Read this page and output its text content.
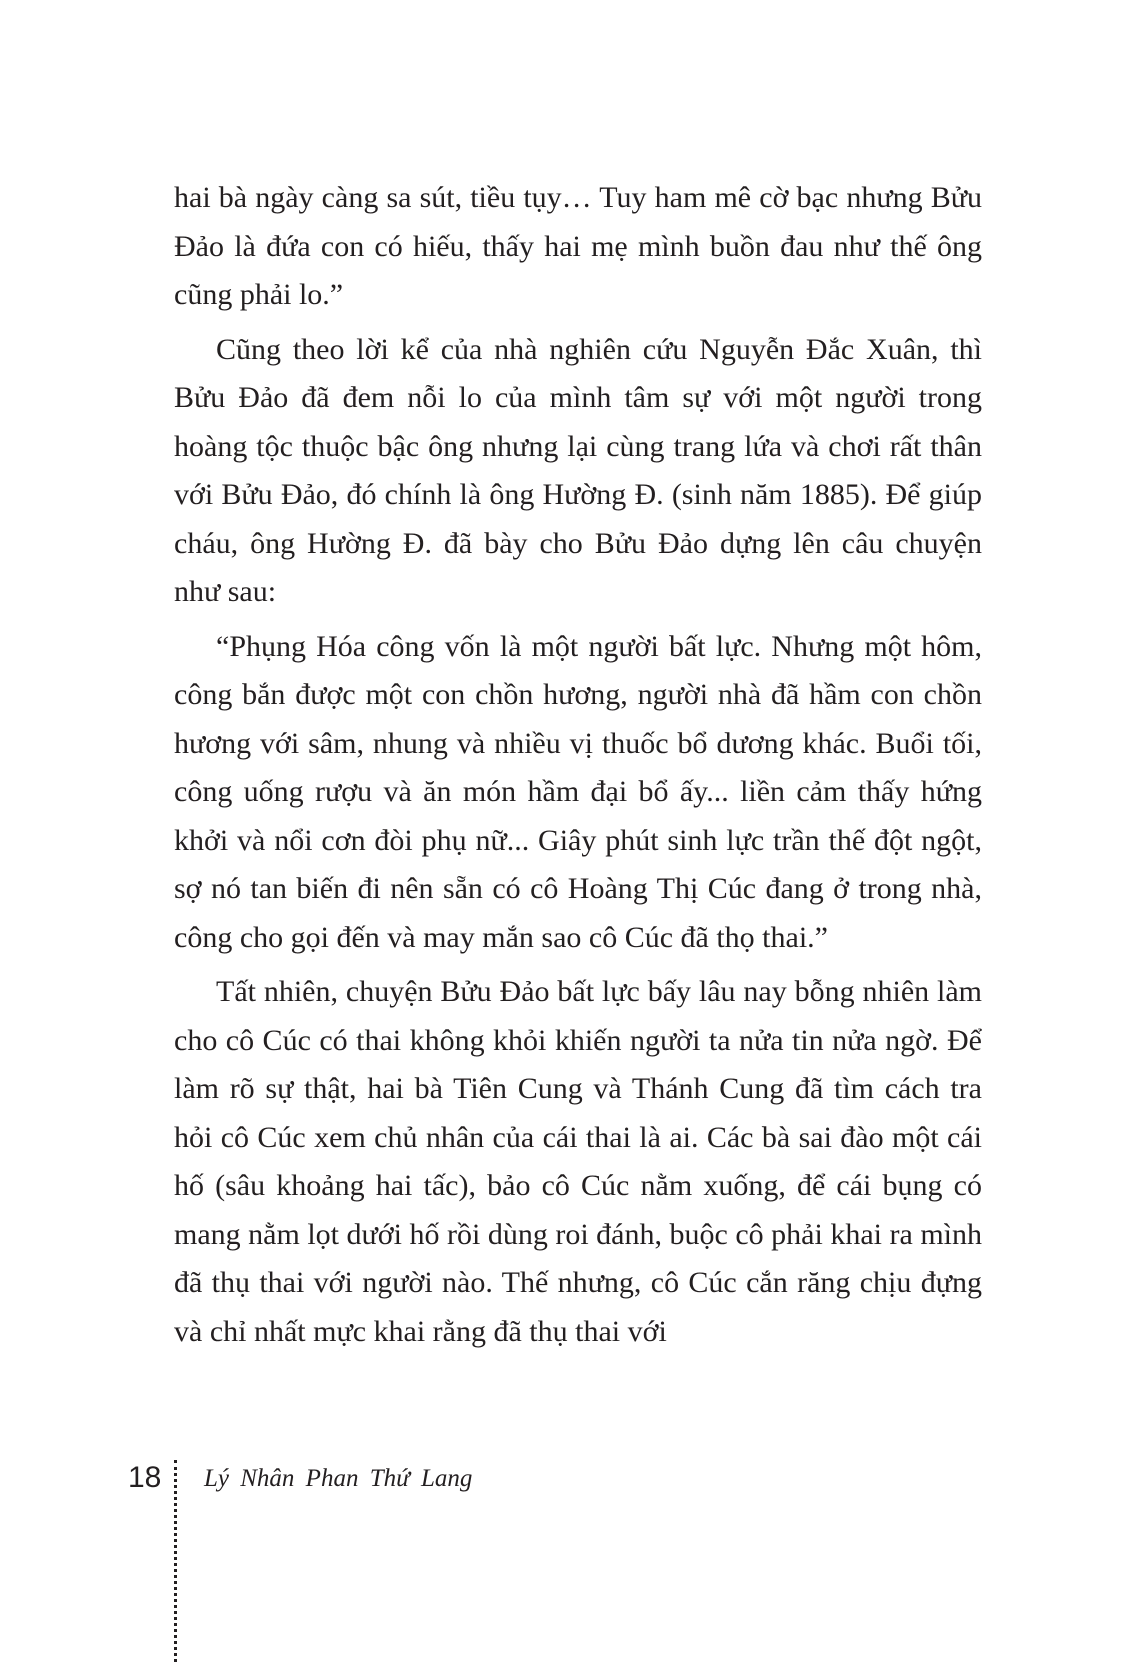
hai bà ngày càng sa sút, tiều tụy… Tuy ham mê cờ bạc nhưng Bửu Đảo là đứa con có hiếu, thấy hai mẹ mình buồn đau như thế ông cũng phải lo.”

Cũng theo lời kể của nhà nghiên cứu Nguyễn Đắc Xuân, thì Bửu Đảo đã đem nỗi lo của mình tâm sự với một người trong hoàng tộc thuộc bậc ông nhưng lại cùng trang lứa và chơi rất thân với Bửu Đảo, đó chính là ông Hường Đ. (sinh năm 1885). Để giúp cháu, ông Hường Đ. đã bày cho Bửu Đảo dựng lên câu chuyện như sau:

“Phụng Hóa công vốn là một người bất lực. Nhưng một hôm, công bắn được một con chồn hương, người nhà đã hầm con chồn hương với sâm, nhung và nhiều vị thuốc bổ dương khác. Buổi tối, công uống rượu và ăn món hầm đại bổ ấy... liền cảm thấy hứng khởi và nổi cơn đòi phụ nữ... Giây phút sinh lực trần thế đột ngột, sợ nó tan biến đi nên sẵn có cô Hoàng Thị Cúc đang ở trong nhà, công cho gọi đến và may mắn sao cô Cúc đã thọ thai.”

Tất nhiên, chuyện Bửu Đảo bất lực bấy lâu nay bỗng nhiên làm cho cô Cúc có thai không khỏi khiến người ta nửa tin nửa ngờ. Để làm rõ sự thật, hai bà Tiên Cung và Thánh Cung đã tìm cách tra hỏi cô Cúc xem chủ nhân của cái thai là ai. Các bà sai đào một cái hố (sâu khoảng hai tấc), bảo cô Cúc nằm xuống, để cái bụng có mang nằm lọt dưới hố rồi dùng roi đánh, buộc cô phải khai ra mình đã thụ thai với người nào. Thế nhưng, cô Cúc cắn răng chịu đựng và chỉ nhất mực khai rằng đã thụ thai với

18 Lý Nhân Phan Thứ Lang
